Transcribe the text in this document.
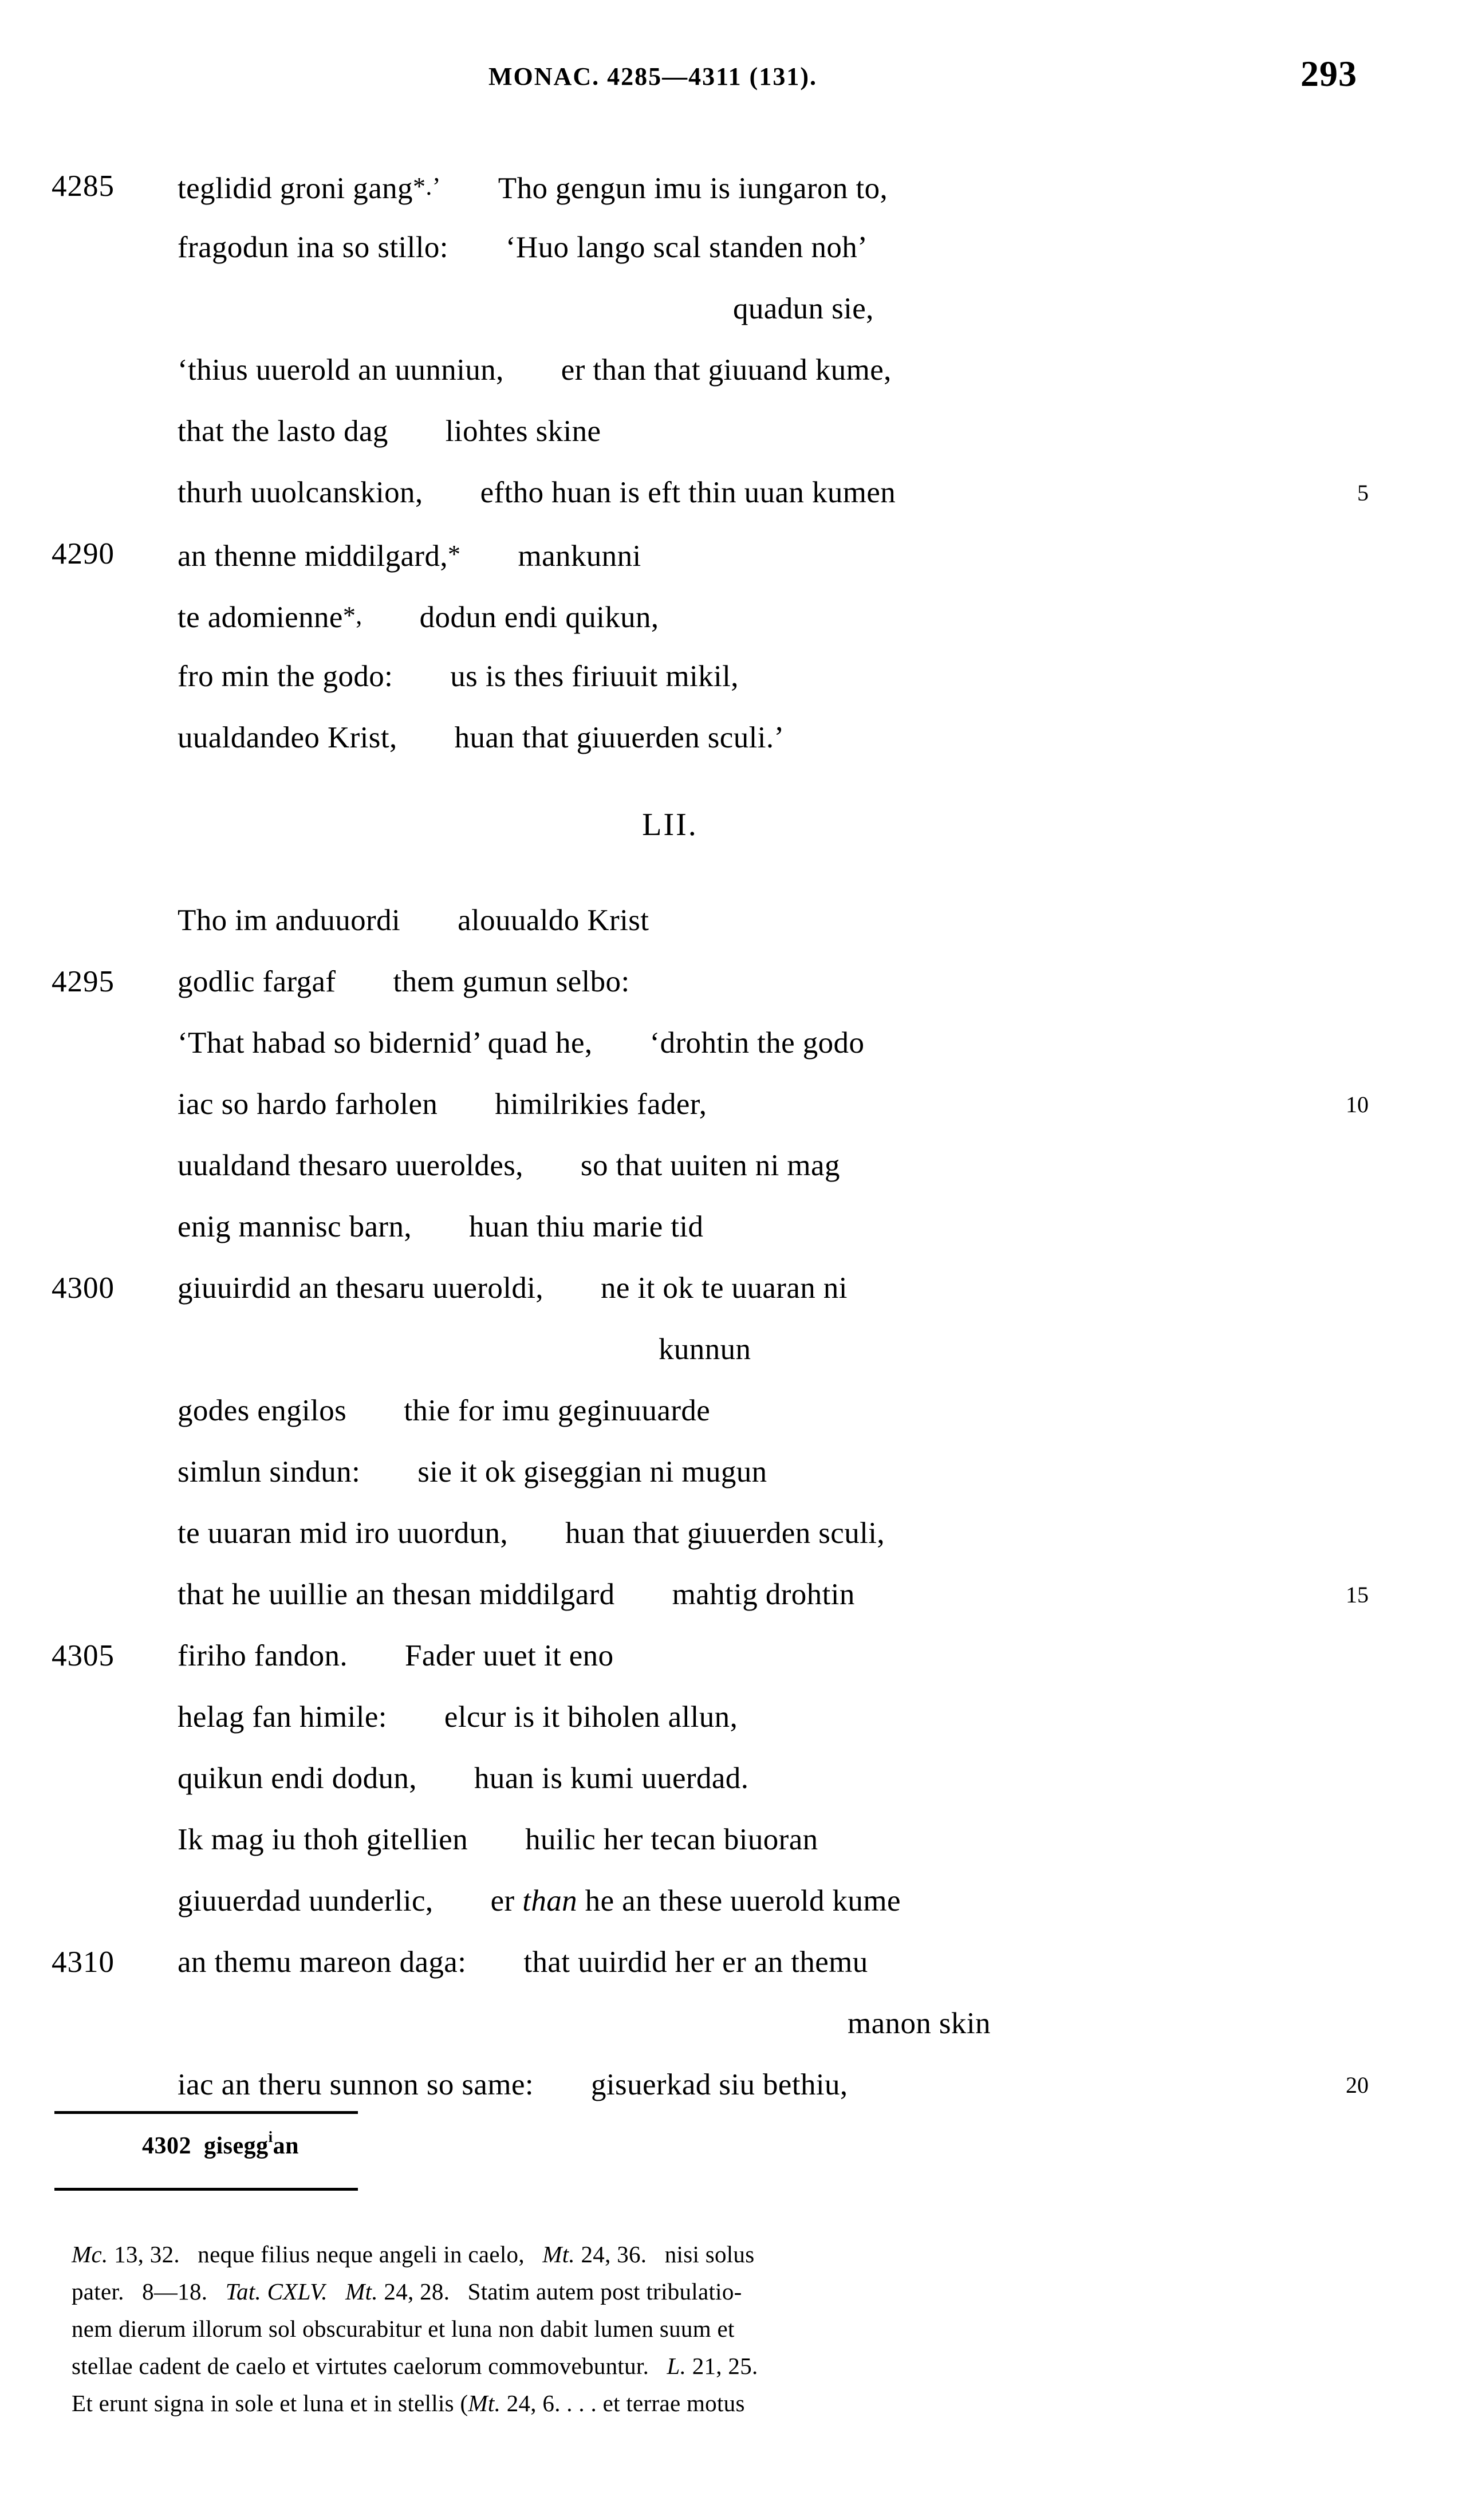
MONAC. 4285—4311 (131).	293
4285	teglidid groni gang*.’ Tho gengun imu is iungaron to,
fragodun ina so stillo: ‘Huo lango scal standen noh’
quadun sie,
‘thius uuerold an uunniun, er than that giuuand kume,
that the lasto dag liohtes skine
thurh uuolcanskion, eftho huan is eft thin uuan kumen	5
4290	an thenne middilgard,* mankunni
te adomienne*, dodun endi quikun,
fro min the godo: us is thes firiuuit mikil,
uualdandeo Krist, huan that giuuerden sculi.’
Tho im anduuordi alouualdo Krist
4295	godlic fargaf them gumun selbo:
‘That habad so bidernid’ quad he, ‘drohtin the godo
iac so hardo farholen himilrikies fader,	10
uualdand thesaro uueroldes, so that uuiten ni mag
enig mannisc barn, huan thiu marie tid
4300	giuuirdid an thesaru uueroldi, ne it ok te uuaran ni
kunnun
godes engilos thie for imu geginuuarde
simlun sindun: sie it ok giseggian ni mugun
te uuaran mid iro uuordun, huan that giuuerden sculi,
that he uuillie an thesan middilgard mahtig drohtin	15
4305	firiho fandon. Fader uuet it eno
helag fan himile: elcur is it biholen allun,
quikun endi dodun, huan is kumi uuerdad.
Ik mag iu thoh gitellien huilic her tecan biuoran
giuuerdad uunderlic, er than he an these uuerold kume
4310	an themu mareon daga: that uuirdid her er an themu
manon skin
iac an theru sunnon so same: gisuerkad siu bethiu,	20
LII.
4302 gisegg$^i$an
Mc. 13, 32.  neque filius neque angeli in caelo,  Mt. 24, 36.  nisi solus
pater.  8—18.  Tat. CXLV.  Mt. 24, 28.  Statim autem post tribulatio-
nem dierum illorum sol obscurabitur et luna non dabit lumen suum et
stellae cadent de caelo et virtutes caelorum commovebuntur.  L. 21, 25.
Et erunt signa in sole et luna et in stellis (Mt. 24, 6. . . . et terrae motus
